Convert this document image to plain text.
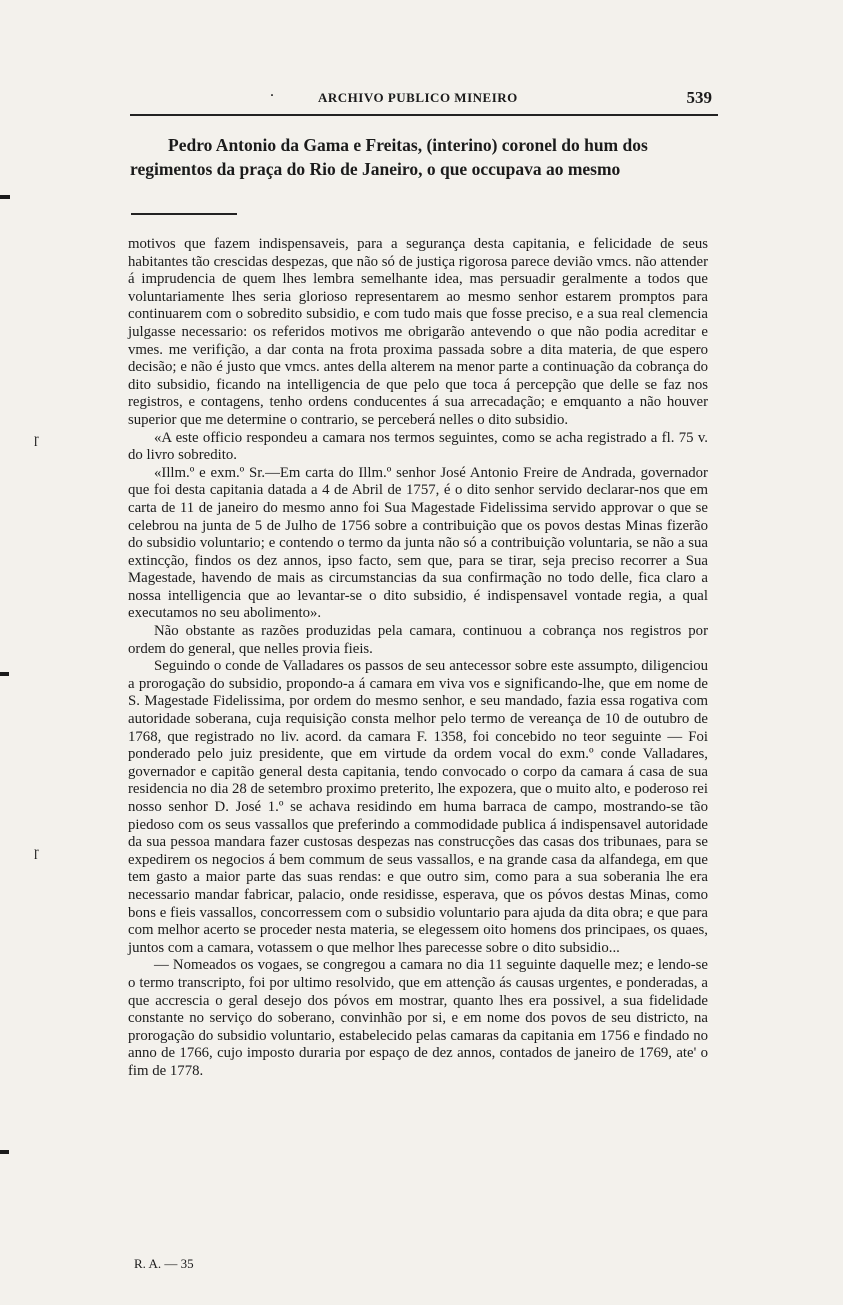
ɼ
ɼ
·	ARCHIVO PUBLICO MINEIRO	539
Pedro Antonio da Gama e Freitas, (interino) coronel do hum dos
regimentos da praça do Rio de Janeiro, o que occupava ao mesmo

motivos que fazem indispensaveis, para a segurança desta capitania, e felicidade de seus habitantes tão crescidas despezas, que não só de justiça rigorosa parece devião vmcs. não attender á imprudencia de quem lhes lembra semelhante idea, mas persuadir geralmente a todos que voluntariamente lhes seria glorioso representarem ao mesmo senhor estarem promptos para continuarem com o sobredito subsidio, e com tudo mais que fosse preciso, e a sua real clemencia julgasse necessario: os referidos motivos me obrigarão antevendo o que não podia acreditar e vmes. me verifição, a dar conta na frota proxima passada sobre a dita materia, de que espero decisão; e não é justo que vmcs. antes della alterem na menor parte a continuação da cobrança do dito subsidio, ficando na intelligencia de que pelo que toca á percepção que delle se faz nos registros, e contagens, tenho ordens conducentes á sua arrecadação; e emquanto a não houver superior que me determine o contrario, se perceberá nelles o dito subsidio.

«A este officio respondeu a camara nos termos seguintes, como se acha registrado a fl. 75 v. do livro sobredito.

«Illm.º e exm.º Sr.—Em carta do Illm.º senhor José Antonio Freire de Andrada, governador que foi desta capitania datada a 4 de Abril de 1757, é o dito senhor servido declarar-nos que em carta de 11 de janeiro do mesmo anno foi Sua Magestade Fidelissima servido approvar o que se celebrou na junta de 5 de Julho de 1756 sobre a contribuição que os povos destas Minas fizerão do subsidio voluntario; e contendo o termo da junta não só a contribuição voluntaria, se não a sua extincção, findos os dez annos, ipso facto, sem que, para se tirar, seja preciso recorrer a Sua Magestade, havendo de mais as circumstancias da sua confirmação no todo delle, fica claro a nossa intelligencia que ao levantar-se o dito subsidio, é indispensavel vontade regia, a qual executamos no seu abolimento».

Não obstante as razões produzidas pela camara, continuou a cobrança nos registros por ordem do general, que nelles provia fieis.

Seguindo o conde de Valladares os passos de seu antecessor sobre este assumpto, diligenciou a prorogação do subsidio, propondo-a á camara em viva vos e significando-lhe, que em nome de S. Magestade Fidelissima, por ordem do mesmo senhor, e seu mandado, fazia essa rogativa com autoridade soberana, cuja requisição consta melhor pelo termo de vereança de 10 de outubro de 1768, que registrado no liv. acord. da camara F. 1358, foi concebido no teor seguinte — Foi ponderado pelo juiz presidente, que em virtude da ordem vocal do exm.º conde Valladares, governador e capitão general desta capitania, tendo convocado o corpo da camara á casa de sua residencia no dia 28 de setembro proximo preterito, lhe expozera, que o muito alto, e poderoso rei nosso senhor D. José 1.º se achava residindo em huma barraca de campo, mostrando-se tão piedoso com os seus vassallos que preferindo a commodidade publica á indispensavel autoridade da sua pessoa mandara fazer custosas despezas nas construcções das casas dos tribunaes, para se expedirem os negocios á bem commum de seus vassallos, e na grande casa da alfandega, em que tem gasto a maior parte das suas rendas: e que outro sim, como para a sua soberania lhe era necessario mandar fabricar, palacio, onde residisse, esperava, que os póvos destas Minas, como bons e fieis vassallos, concorressem com o subsidio voluntario para ajuda da dita obra; e que para com melhor acerto se proceder nesta materia, se elegessem oito homens dos principaes, os quaes, juntos com a camara, votassem o que melhor lhes parecesse sobre o dito subsidio...

— Nomeados os vogaes, se congregou a camara no dia 11 seguinte daquelle mez; e lendo-se o termo transcripto, foi por ultimo resolvido, que em attenção ás causas urgentes, e ponderadas, a que accrescia o geral desejo dos póvos em mostrar, quanto lhes era possivel, a sua fidelidade constante no serviço do soberano, convinhão por si, e em nome dos povos de seu districto, na prorogação do subsidio voluntario, estabelecido pelas camaras da capitania em 1756 e findado no anno de 1766, cujo imposto duraria por espaço de dez annos, contados de janeiro de 1769, ate' o fim de 1778.

R. A. — 35
